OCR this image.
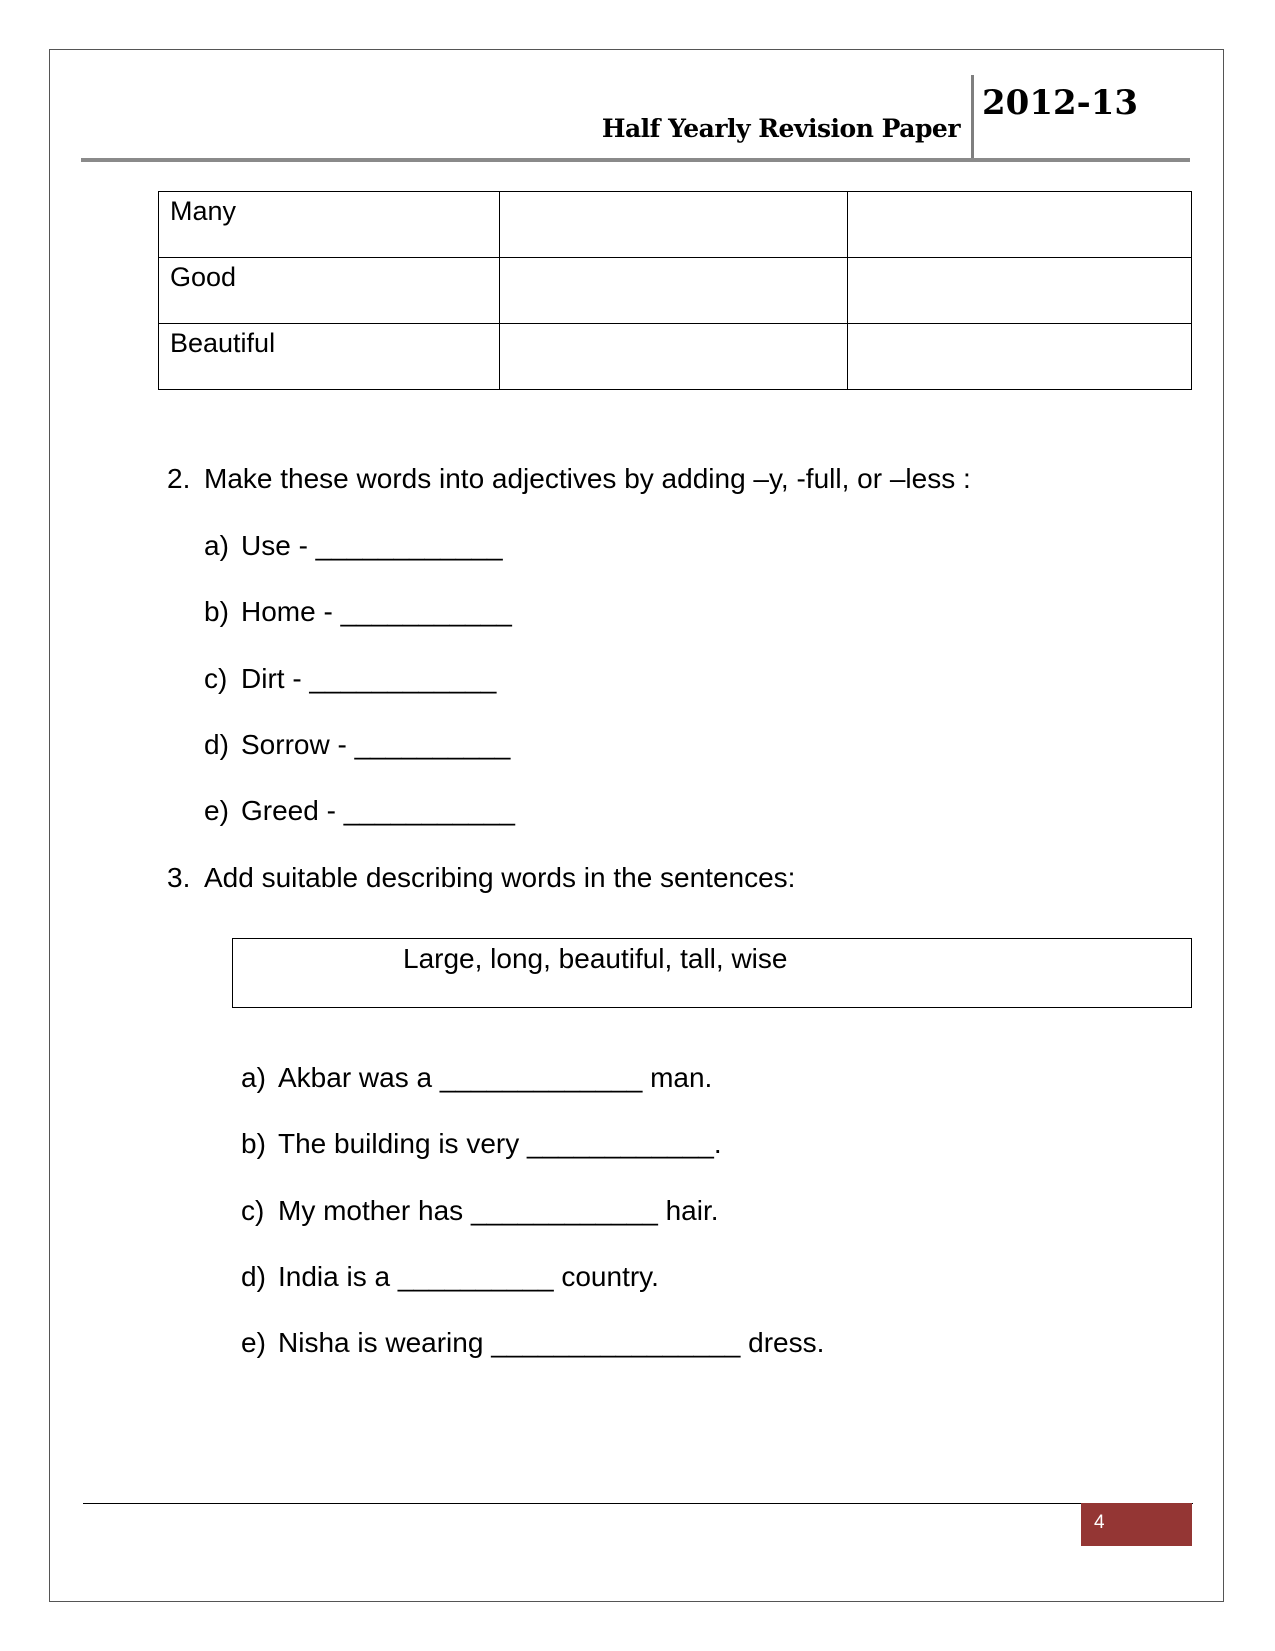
Half Yearly Revision Paper
2012-13
Many		
Good		
Beautiful		
2. Make these words into adjectives by adding –y, -full, or –less :
a) Use - ____________
b) Home - ___________
c) Dirt - ____________
d) Sorrow - __________
e) Greed - ___________
3. Add suitable describing words in the sentences:
Large, long, beautiful, tall, wise
a) Akbar was a _____________ man.
b) The building is very ____________.
c) My mother has ____________ hair.
d) India is a __________ country.
e) Nisha is wearing ________________ dress.
4
